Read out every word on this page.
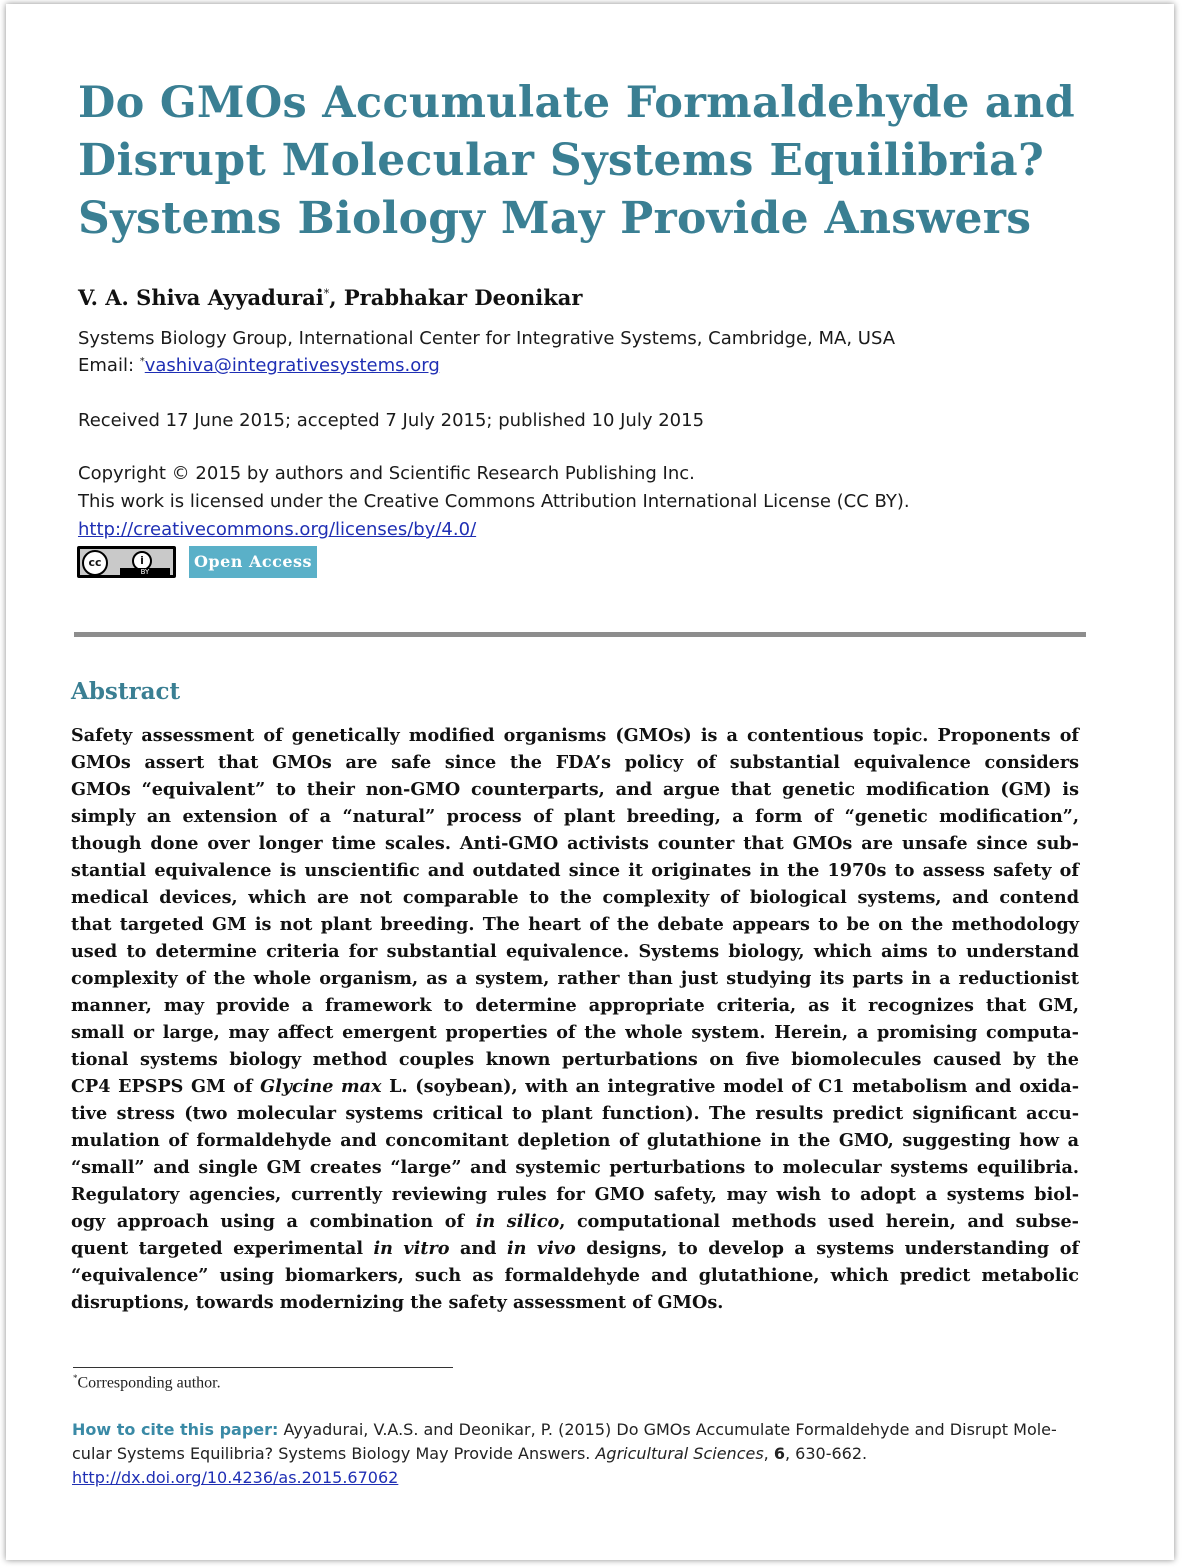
Do GMOs Accumulate Formaldehyde and
Disrupt Molecular Systems Equilibria?
Systems Biology May Provide Answers
V. A. Shiva Ayyadurai*, Prabhakar Deonikar
Systems Biology Group, International Center for Integrative Systems, Cambridge, MA, USA
Email: *vashiva@integrativesystems.org
Received 17 June 2015; accepted 7 July 2015; published 10 July 2015
Copyright © 2015 by authors and Scientific Research Publishing Inc.
This work is licensed under the Creative Commons Attribution International License (CC BY).
http://creativecommons.org/licenses/by/4.0/
cc	i
BY
Open Access
Abstract
Safety assessment of genetically modified organisms (GMOs) is a contentious topic. Proponents of
GMOs assert that GMOs are safe since the FDA’s policy of substantial equivalence considers
GMOs “equivalent” to their non-GMO counterparts, and argue that genetic modification (GM) is
simply an extension of a “natural” process of plant breeding, a form of “genetic modification”,
though done over longer time scales. Anti-GMO activists counter that GMOs are unsafe since sub-
stantial equivalence is unscientific and outdated since it originates in the 1970s to assess safety of
medical devices, which are not comparable to the complexity of biological systems, and contend
that targeted GM is not plant breeding. The heart of the debate appears to be on the methodology
used to determine criteria for substantial equivalence. Systems biology, which aims to understand
complexity of the whole organism, as a system, rather than just studying its parts in a reductionist
manner, may provide a framework to determine appropriate criteria, as it recognizes that GM,
small or large, may affect emergent properties of the whole system. Herein, a promising computa-
tional systems biology method couples known perturbations on five biomolecules caused by the
CP4 EPSPS GM of Glycine max L. (soybean), with an integrative model of C1 metabolism and oxida-
tive stress (two molecular systems critical to plant function). The results predict significant accu-
mulation of formaldehyde and concomitant depletion of glutathione in the GMO, suggesting how a
“small” and single GM creates “large” and systemic perturbations to molecular systems equilibria.
Regulatory agencies, currently reviewing rules for GMO safety, may wish to adopt a systems biol-
ogy approach using a combination of in silico, computational methods used herein, and subse-
quent targeted experimental in vitro and in vivo designs, to develop a systems understanding of
“equivalence” using biomarkers, such as formaldehyde and glutathione, which predict metabolic
disruptions, towards modernizing the safety assessment of GMOs.
*Corresponding author.
How to cite this paper: Ayyadurai, V.A.S. and Deonikar, P. (2015) Do GMOs Accumulate Formaldehyde and Disrupt Mole-
cular Systems Equilibria? Systems Biology May Provide Answers. Agricultural Sciences, 6, 630-662.
http://dx.doi.org/10.4236/as.2015.67062
